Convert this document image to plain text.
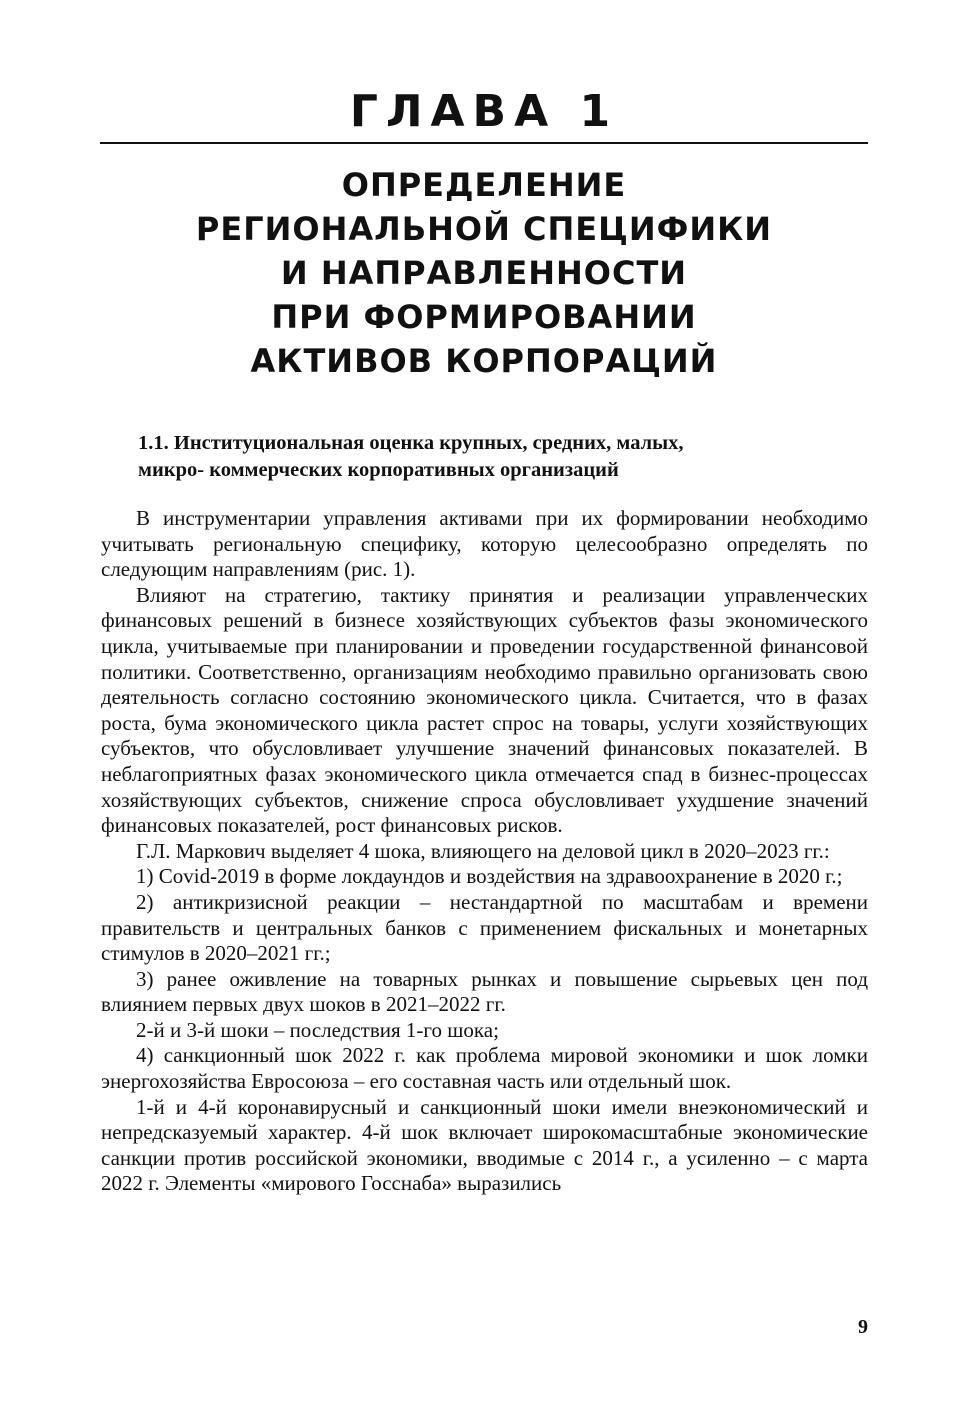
ГЛАВА 1
ОПРЕДЕЛЕНИЕ
РЕГИОНАЛЬНОЙ СПЕЦИФИКИ
И НАПРАВЛЕННОСТИ
ПРИ ФОРМИРОВАНИИ
АКТИВОВ КОРПОРАЦИЙ
1.1. Институциональная оценка крупных, средних, малых,
микро- коммерческих корпоративных организаций

В инструментарии управления активами при их формировании необходимо учитывать региональную специфику, которую целесообразно определять по следующим направлениям (рис. 1).

Влияют на стратегию, тактику принятия и реализации управленческих финансовых решений в бизнесе хозяйствующих субъектов фазы экономического цикла, учитываемые при планировании и проведении государственной финансовой политики. Соответственно, организациям необходимо правильно организовать свою деятельность согласно состоянию экономического цикла. Считается, что в фазах роста, бума экономического цикла растет спрос на товары, услуги хозяйствующих субъектов, что обусловливает улучшение значений финансовых показателей. В неблагоприятных фазах экономического цикла отмечается спад в бизнес-процессах хозяйствующих субъектов, снижение спроса обусловливает ухудшение значений финансовых показателей, рост финансовых рисков.

Г.Л. Маркович выделяет 4 шока, влияющего на деловой цикл в 2020–2023 гг.:

1) Covid-2019 в форме локдаундов и воздействия на здравоохранение в 2020 г.;

2) антикризисной реакции – нестандартной по масштабам и времени правительств и центральных банков с применением фискальных и монетарных стимулов в 2020–2021 гг.;

3) ранее оживление на товарных рынках и повышение сырьевых цен под влиянием первых двух шоков в 2021–2022 гг.

2-й и 3-й шоки – последствия 1-го шока;

4) санкционный шок 2022 г. как проблема мировой экономики и шок ломки энергохозяйства Евросоюза – его составная часть или отдельный шок.

1-й и 4-й коронавирусный и санкционный шоки имели внеэкономический и непредсказуемый характер. 4-й шок включает широкомасштабные экономические санкции против российской экономики, вводимые с 2014 г., а усиленно – с марта 2022 г. Элементы «мирового Госснаба» выразились

9
